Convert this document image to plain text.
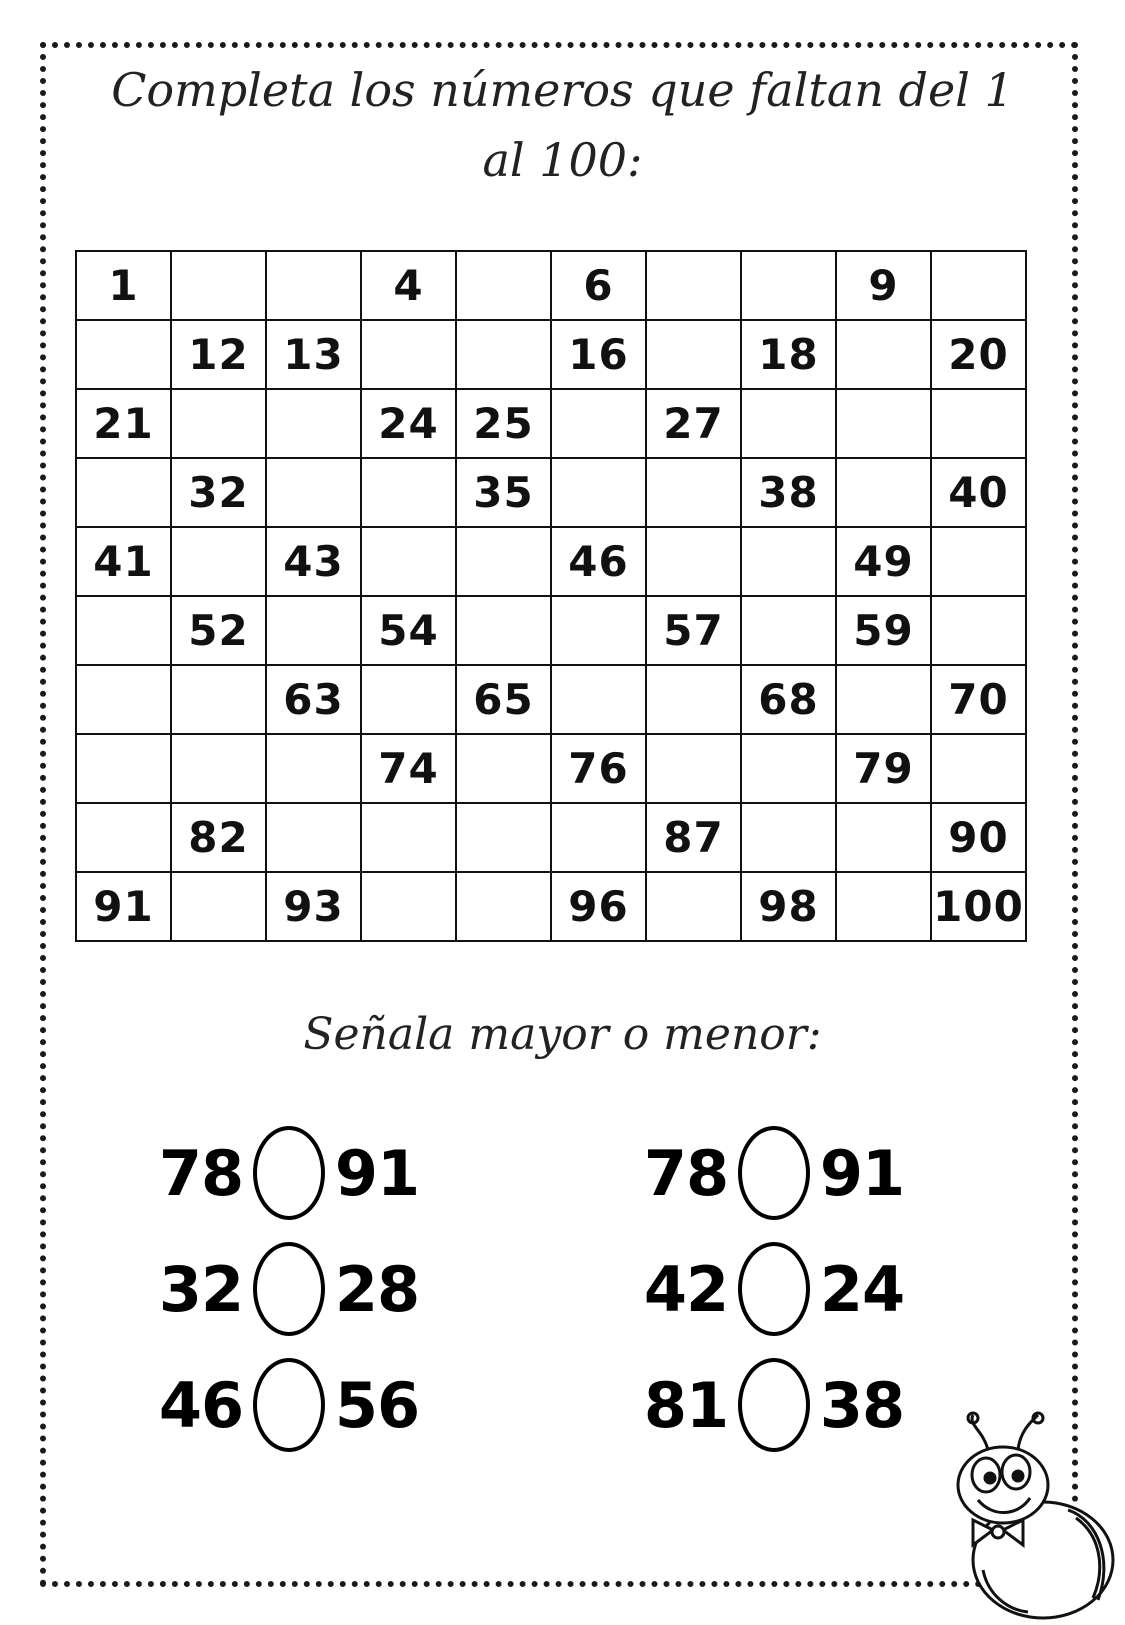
Completa los números que faltan del 1
al 100:
1			4		6			9	
	12	13			16		18		20
21			24	25		27			
	32			35			38		40
41		43			46			49	
	52		54			57		59	
		63		65			68		70
			74		76			79	
	82					87			90
91		93			96		98		100
Señala mayor o menor:
78 91
32 28
46 56
78 91
42 24
81 38
